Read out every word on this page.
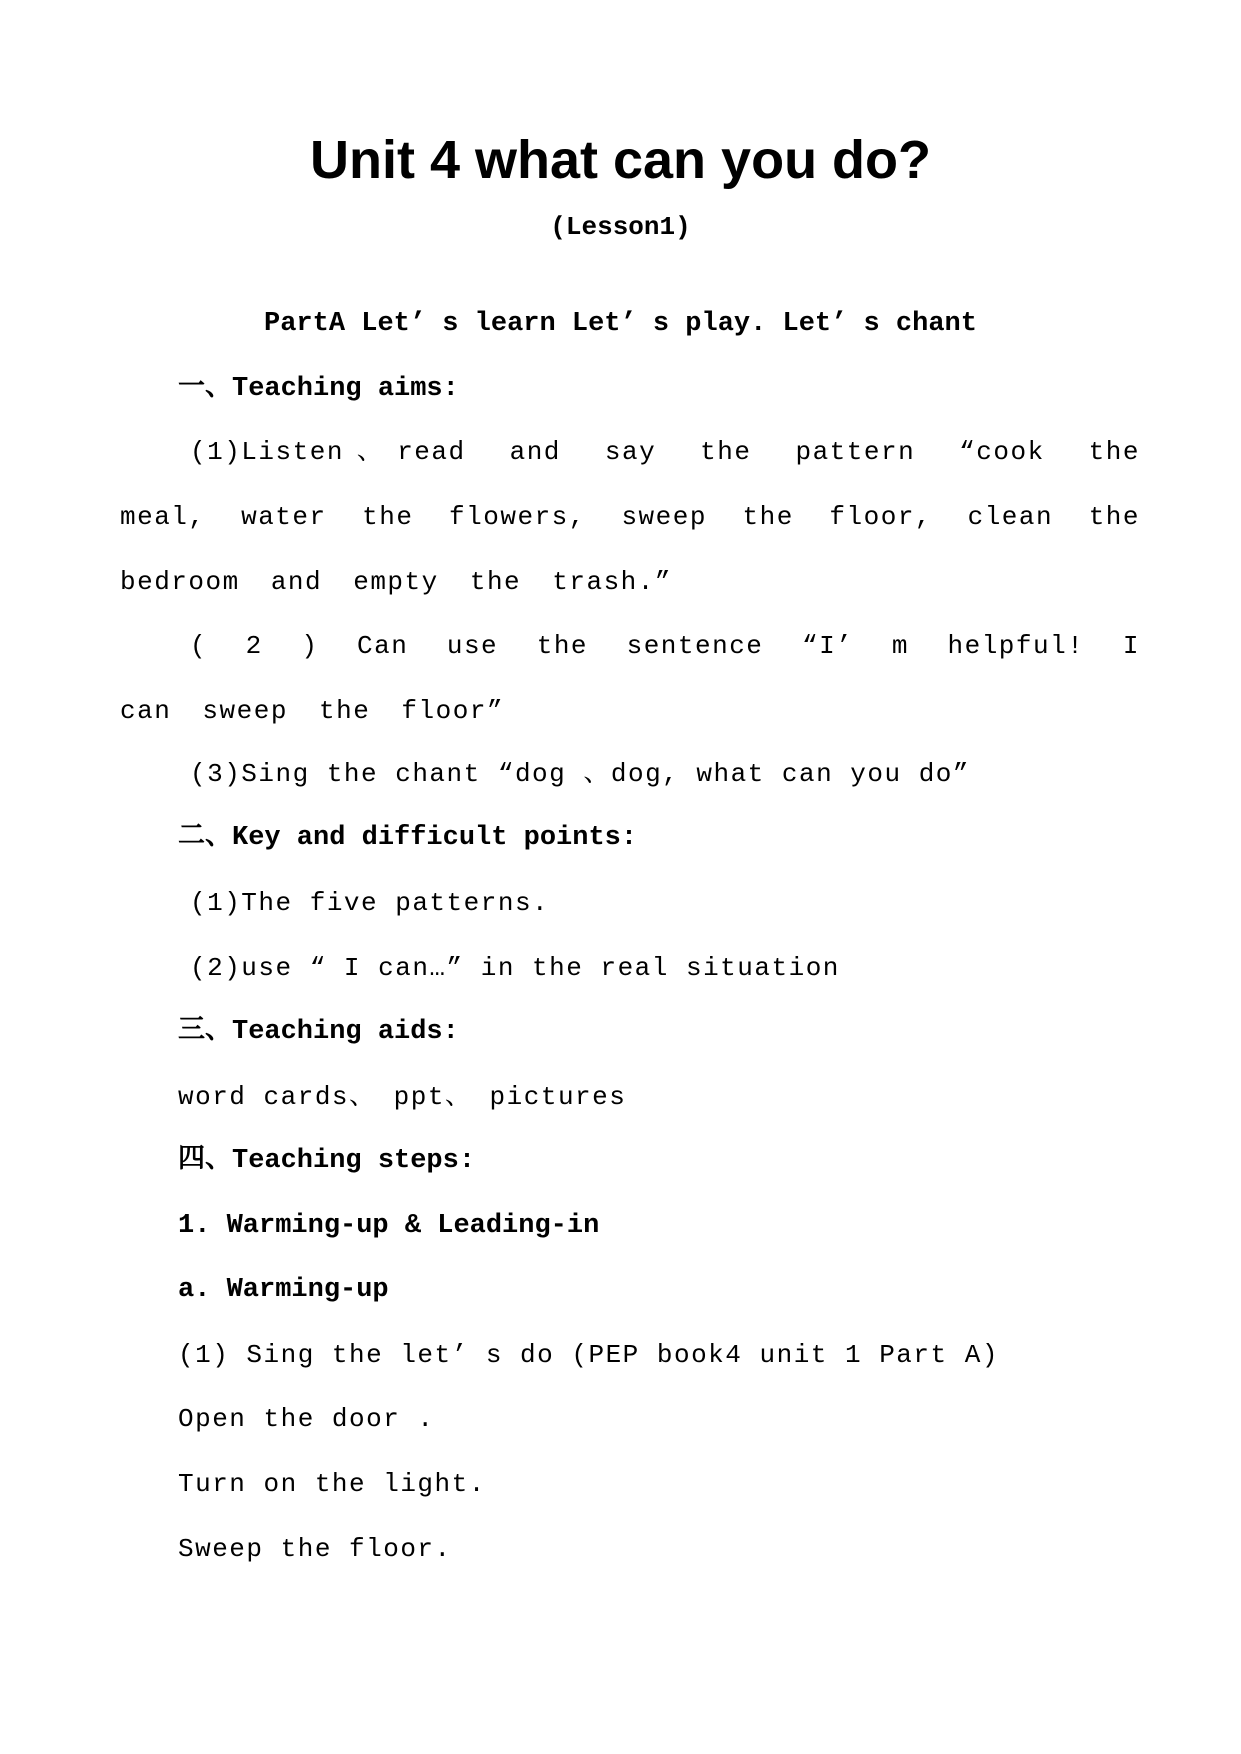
Unit 4 what can you do?
(Lesson1)
PartA Let’ s learn Let’ s play. Let’ s chant
一、Teaching aims:
(1)Listen、read and say the pattern “cook the meal, water the flowers, sweep the floor, clean the bedroom and empty the trash.”
( 2 ) Can use the sentence “I’ m helpful! I can sweep the floor”
(3)Sing the chant “dog 、dog, what can you do”
二、Key and difficult points:
(1)The five patterns.
(2)use “ I can…” in the real situation
三、Teaching aids:
word cards、 ppt、 pictures
四、Teaching steps:
1. Warming-up & Leading-in
a. Warming-up
(1) Sing the let’ s do (PEP book4 unit 1 Part A)
Open the door .
Turn on the light.
Sweep the floor.
